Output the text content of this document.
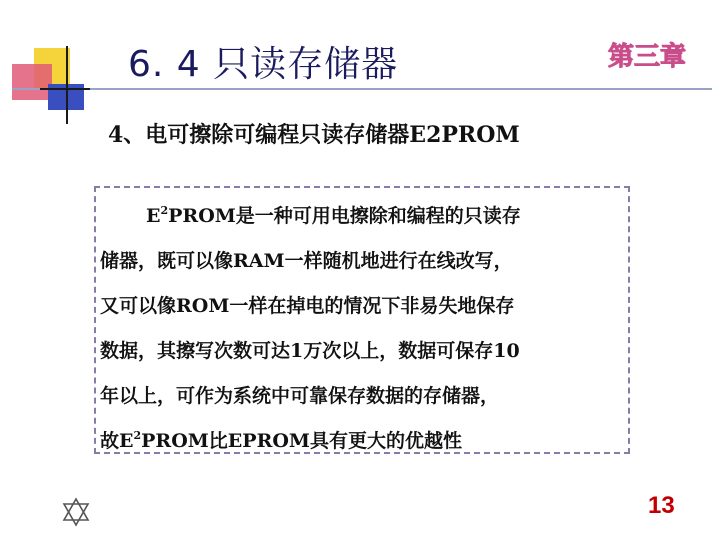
6. 4 只读存储器	第三章
4、电可擦除可编程只读存储器E2PROM

$E^2PROM$是一种可用电擦除和编程的只读存

储器，既可以像RAM一样随机地进行在线改写，

又可以像ROM一样在掉电的情况下非易失地保存

数据，其擦写次数可达1万次以上，数据可保存10

年以上，可作为系统中可靠保存数据的存储器，

故$E^2PROM$比EPROM具有更大的优越性

13
